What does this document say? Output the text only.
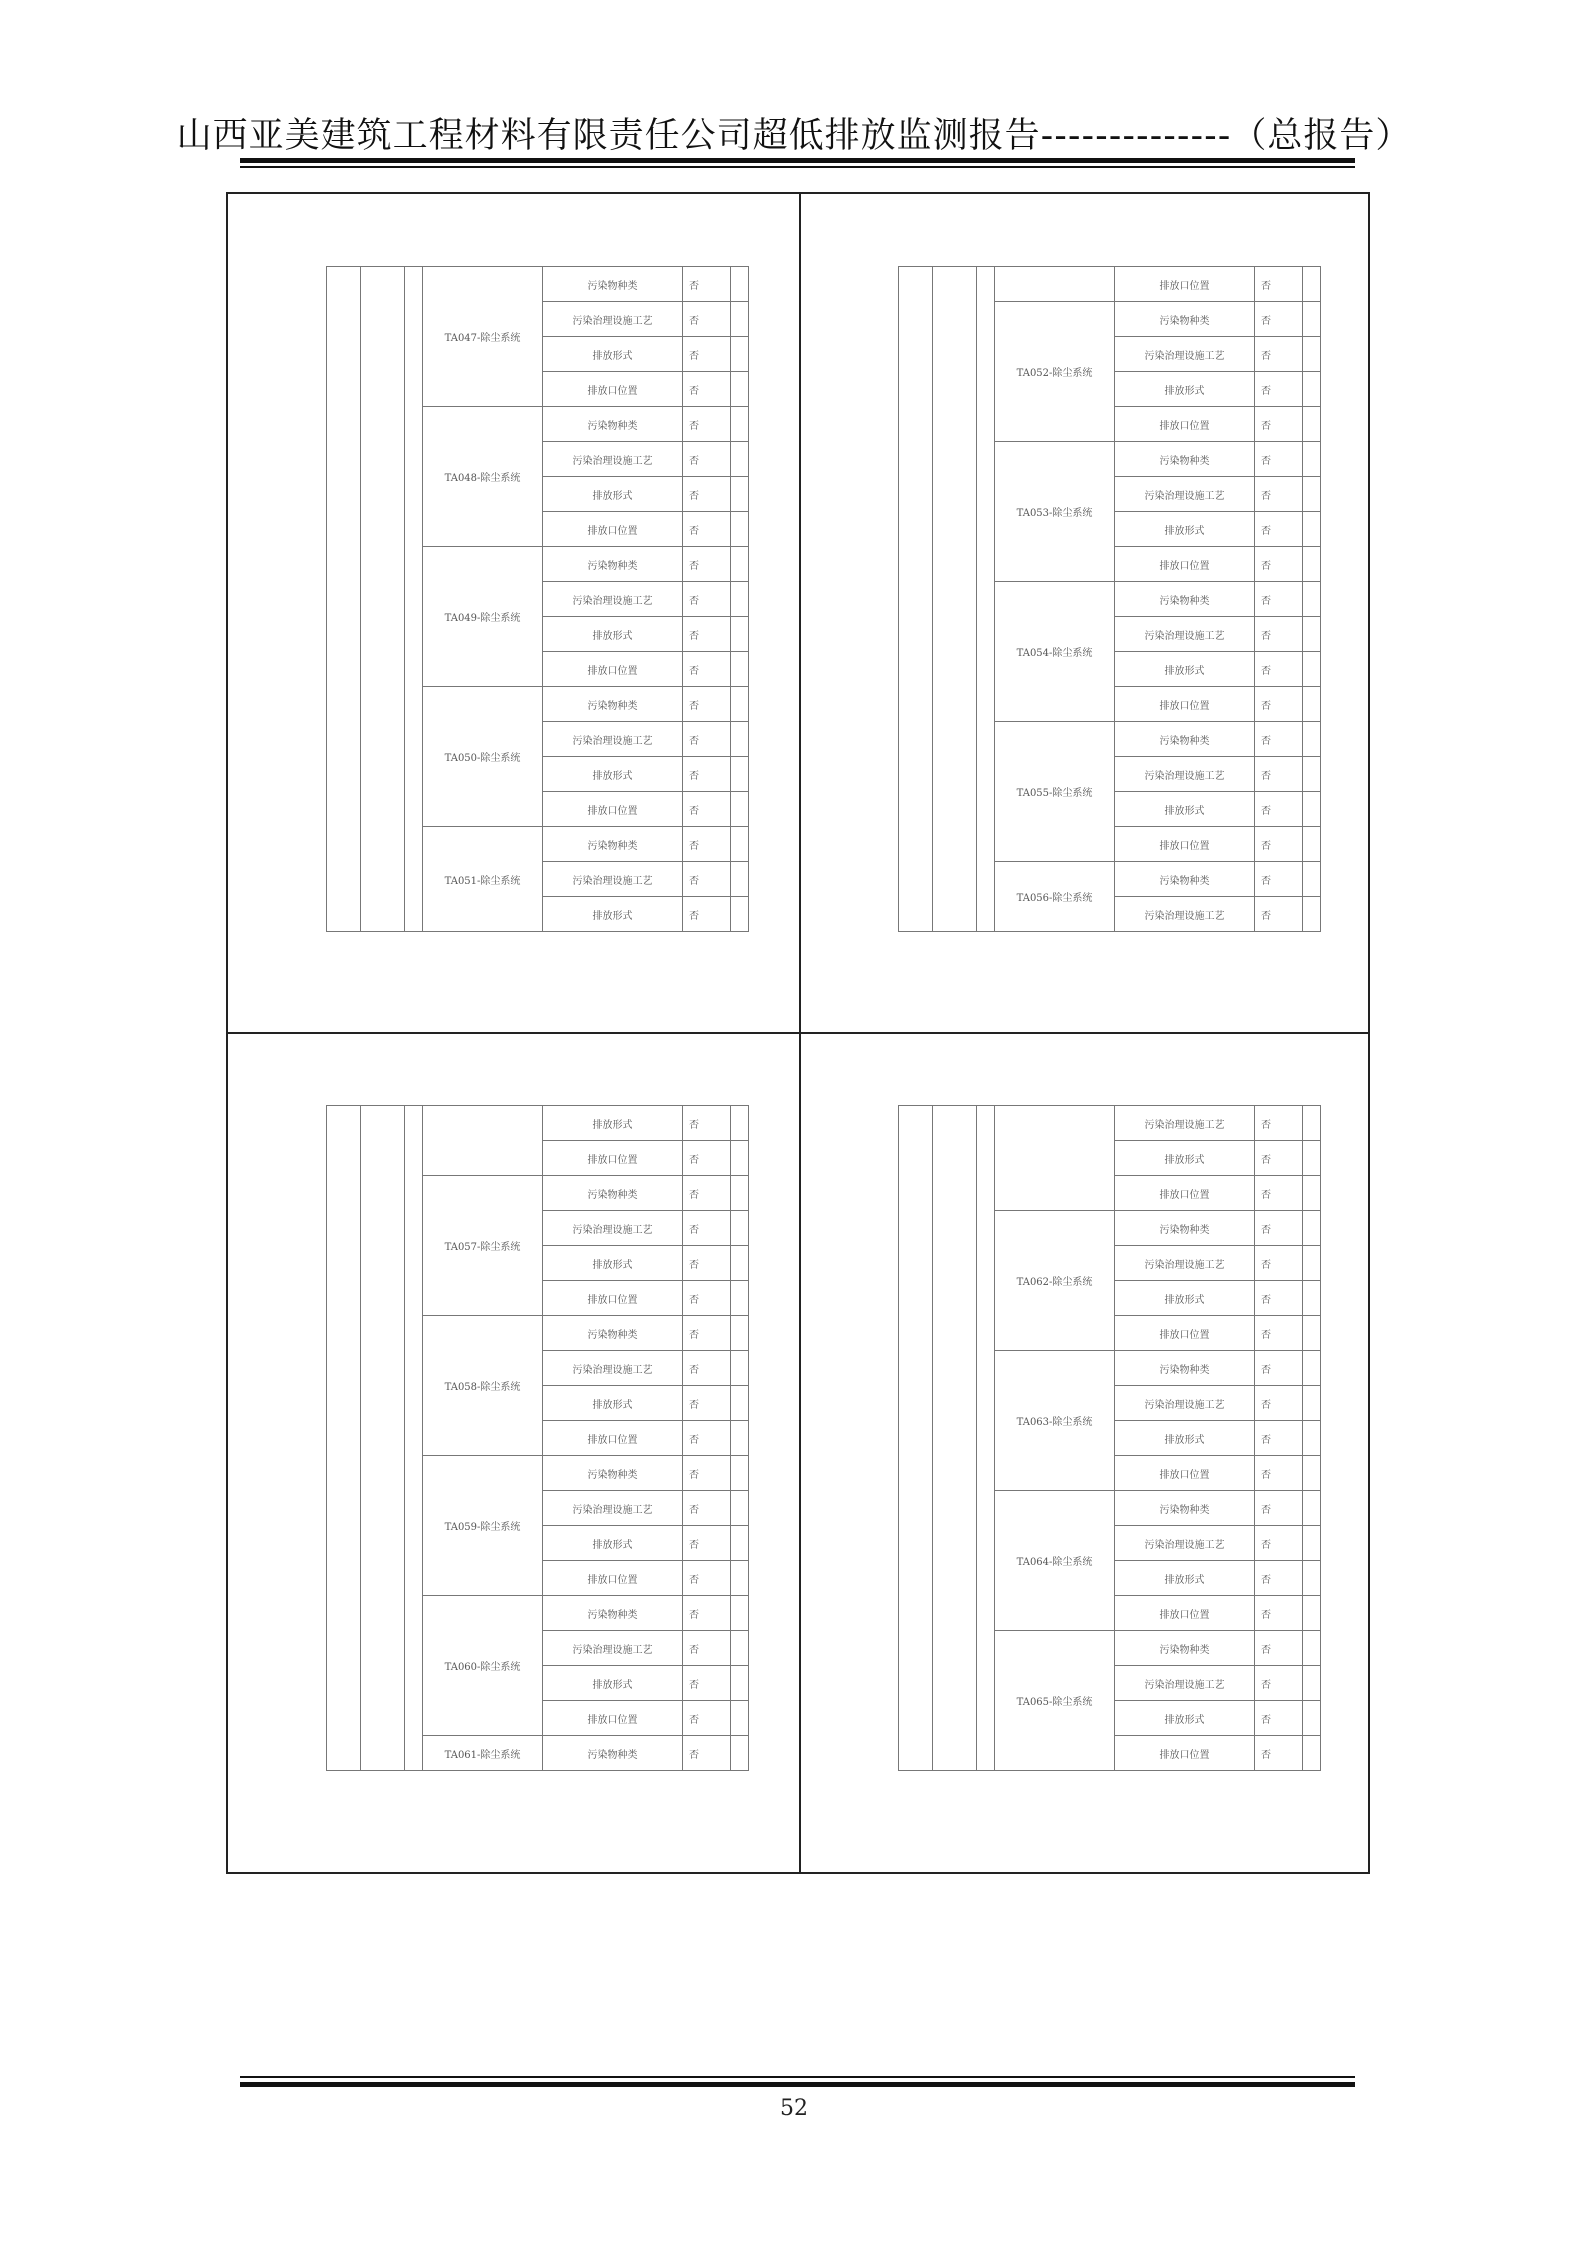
山西亚美建筑工程材料有限责任公司超低排放监测报告--------------（总报告）
			TA047-除尘系统	污染物种类	否	
				污染治理设施工艺	否	
				排放形式	否	
				排放口位置	否	
			TA048-除尘系统	污染物种类	否	
				污染治理设施工艺	否	
				排放形式	否	
				排放口位置	否	
			TA049-除尘系统	污染物种类	否	
				污染治理设施工艺	否	
				排放形式	否	
				排放口位置	否	
			TA050-除尘系统	污染物种类	否	
				污染治理设施工艺	否	
				排放形式	否	
				排放口位置	否	
			TA051-除尘系统	污染物种类	否	
				污染治理设施工艺	否	
				排放形式	否	
				排放口位置	否	
			TA052-除尘系统	污染物种类	否	
				污染治理设施工艺	否	
				排放形式	否	
				排放口位置	否	
			TA053-除尘系统	污染物种类	否	
				污染治理设施工艺	否	
				排放形式	否	
				排放口位置	否	
			TA054-除尘系统	污染物种类	否	
				污染治理设施工艺	否	
				排放形式	否	
				排放口位置	否	
			TA055-除尘系统	污染物种类	否	
				污染治理设施工艺	否	
				排放形式	否	
				排放口位置	否	
			TA056-除尘系统	污染物种类	否	
				污染治理设施工艺	否	
				排放形式	否	
				排放口位置	否	
			TA057-除尘系统	污染物种类	否	
				污染治理设施工艺	否	
				排放形式	否	
				排放口位置	否	
			TA058-除尘系统	污染物种类	否	
				污染治理设施工艺	否	
				排放形式	否	
				排放口位置	否	
			TA059-除尘系统	污染物种类	否	
				污染治理设施工艺	否	
				排放形式	否	
				排放口位置	否	
			TA060-除尘系统	污染物种类	否	
				污染治理设施工艺	否	
				排放形式	否	
				排放口位置	否	
			TA061-除尘系统	污染物种类	否	
				污染治理设施工艺	否	
				排放形式	否	
				排放口位置	否	
			TA062-除尘系统	污染物种类	否	
				污染治理设施工艺	否	
				排放形式	否	
				排放口位置	否	
			TA063-除尘系统	污染物种类	否	
				污染治理设施工艺	否	
				排放形式	否	
				排放口位置	否	
			TA064-除尘系统	污染物种类	否	
				污染治理设施工艺	否	
				排放形式	否	
				排放口位置	否	
			TA065-除尘系统	污染物种类	否	
				污染治理设施工艺	否	
				排放形式	否	
				排放口位置	否	
52
